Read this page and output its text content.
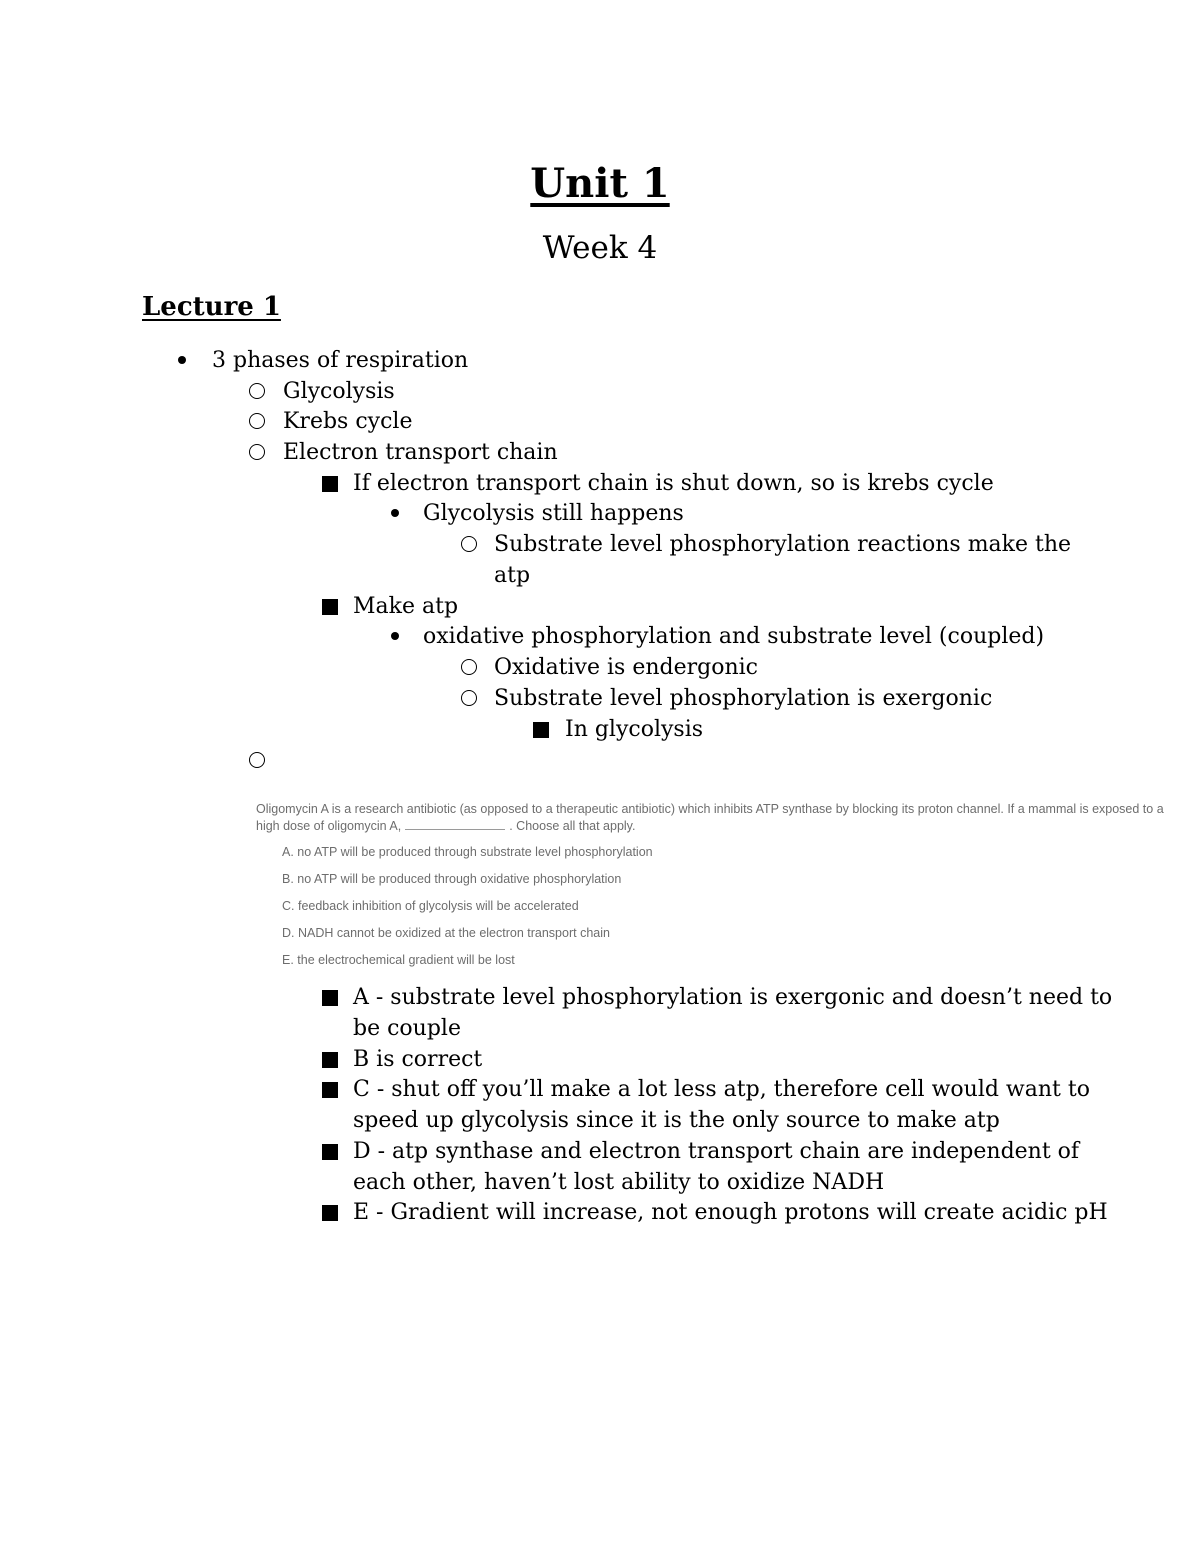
Unit 1
Week 4
Lecture 1
3 phases of respiration
Glycolysis
Krebs cycle
Electron transport chain
If electron transport chain is shut down, so is krebs cycle
Glycolysis still happens
Substrate level phosphorylation reactions make the
atp
Make atp
oxidative phosphorylation and substrate level (coupled)
Oxidative is endergonic
Substrate level phosphorylation is exergonic
In glycolysis
Oligomycin A is a research antibiotic (as opposed to a therapeutic antibiotic) which inhibits ATP synthase by blocking its proton channel. If a mammal is exposed to a
high dose of oligomycin A,	. Choose all that apply.
A. no ATP will be produced through substrate level phosphorylation
B. no ATP will be produced through oxidative phosphorylation
C. feedback inhibition of glycolysis will be accelerated
D. NADH cannot be oxidized at the electron transport chain
E. the electrochemical gradient will be lost
A - substrate level phosphorylation is exergonic and doesn’t need to
be couple
B is correct
C - shut off you’ll make a lot less atp, therefore cell would want to
speed up glycolysis since it is the only source to make atp
D - atp synthase and electron transport chain are independent of
each other, haven’t lost ability to oxidize NADH
E - Gradient will increase, not enough protons will create acidic pH
